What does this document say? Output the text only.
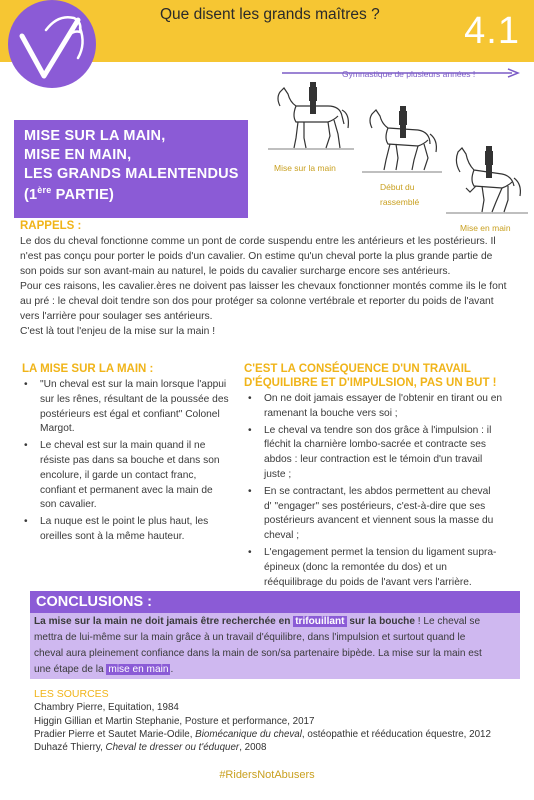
Que disent les grands maîtres ? 4.1
Gymnastique de plusieurs années !
Mise sur la main
Début du
rassemblé
Mise en main
MISE SUR LA MAIN,
MISE EN MAIN,
LES GRANDS MALENTENDUS
(1ère PARTIE)
RAPPELS :
Le dos du cheval fonctionne comme un pont de corde suspendu entre les antérieurs et les postérieurs. Il
n'est pas conçu pour porter le poids d'un cavalier. On estime qu'un cheval porte la plus grande partie de
son poids sur son avant-main au naturel, le poids du cavalier surcharge encore ses antérieurs.
Pour ces raisons, les cavalier.ères ne doivent pas laisser les chevaux fonctionner montés comme ils le font
au pré : le cheval doit tendre son dos pour protéger sa colonne vertébrale et reporter du poids de l'avant
vers l'arrière pour soulager ses antérieurs.
C'est là tout l'enjeu de la mise sur la main !
LA MISE SUR LA MAIN :
• "Un cheval est sur la main lorsque l'appui
sur les rênes, résultant de la poussée des
postérieurs est égal et confiant" Colonel
Margot.
• Le cheval est sur la main quand il ne
résiste pas dans sa bouche et dans son
encolure, il garde un contact franc,
confiant et permanent avec la main de
son cavalier.
• La nuque est le point le plus haut, les
oreilles sont à la même hauteur.
C'EST LA CONSÉQUENCE D'UN TRAVAIL
D'ÉQUILIBRE ET D'IMPULSION, PAS UN BUT !
• On ne doit jamais essayer de l'obtenir en tirant ou en
ramenant la bouche vers soi ;
• Le cheval va tendre son dos grâce à l'impulsion : il
fléchit la charnière lombo-sacrée et contracte ses
abdos : leur contraction est le témoin d'un travail
juste ;
• En se contractant, les abdos permettent au cheval
d' "engager" ses postérieurs, c'est-à-dire que ses
postérieurs avancent et viennent sous la masse du
cheval ;
• L'engagement permet la tension du ligament supra-
épineux (donc la remontée du dos) et un
rééquilibrage du poids de l'avant vers l'arrière.
CONCLUSIONS :
La mise sur la main ne doit jamais être recherchée en trifouillant sur la bouche ! Le cheval se
mettra de lui-même sur la main grâce à un travail d'équilibre, dans l'impulsion et surtout quand le
cheval aura pleinement confiance dans la main de son/sa partenaire bipède. La mise sur la main est
une étape de la mise en main .
LES SOURCES
Chambry Pierre, Equitation, 1984
Higgin Gillian et Martin Stephanie, Posture et performance, 2017
Pradier Pierre et Sautet Marie-Odile, Biomécanique du cheval, ostéopathie et rééducation équestre, 2012
Duhazé Thierry, Cheval te dresser ou t'éduquer, 2008
#RidersNotAbusers
